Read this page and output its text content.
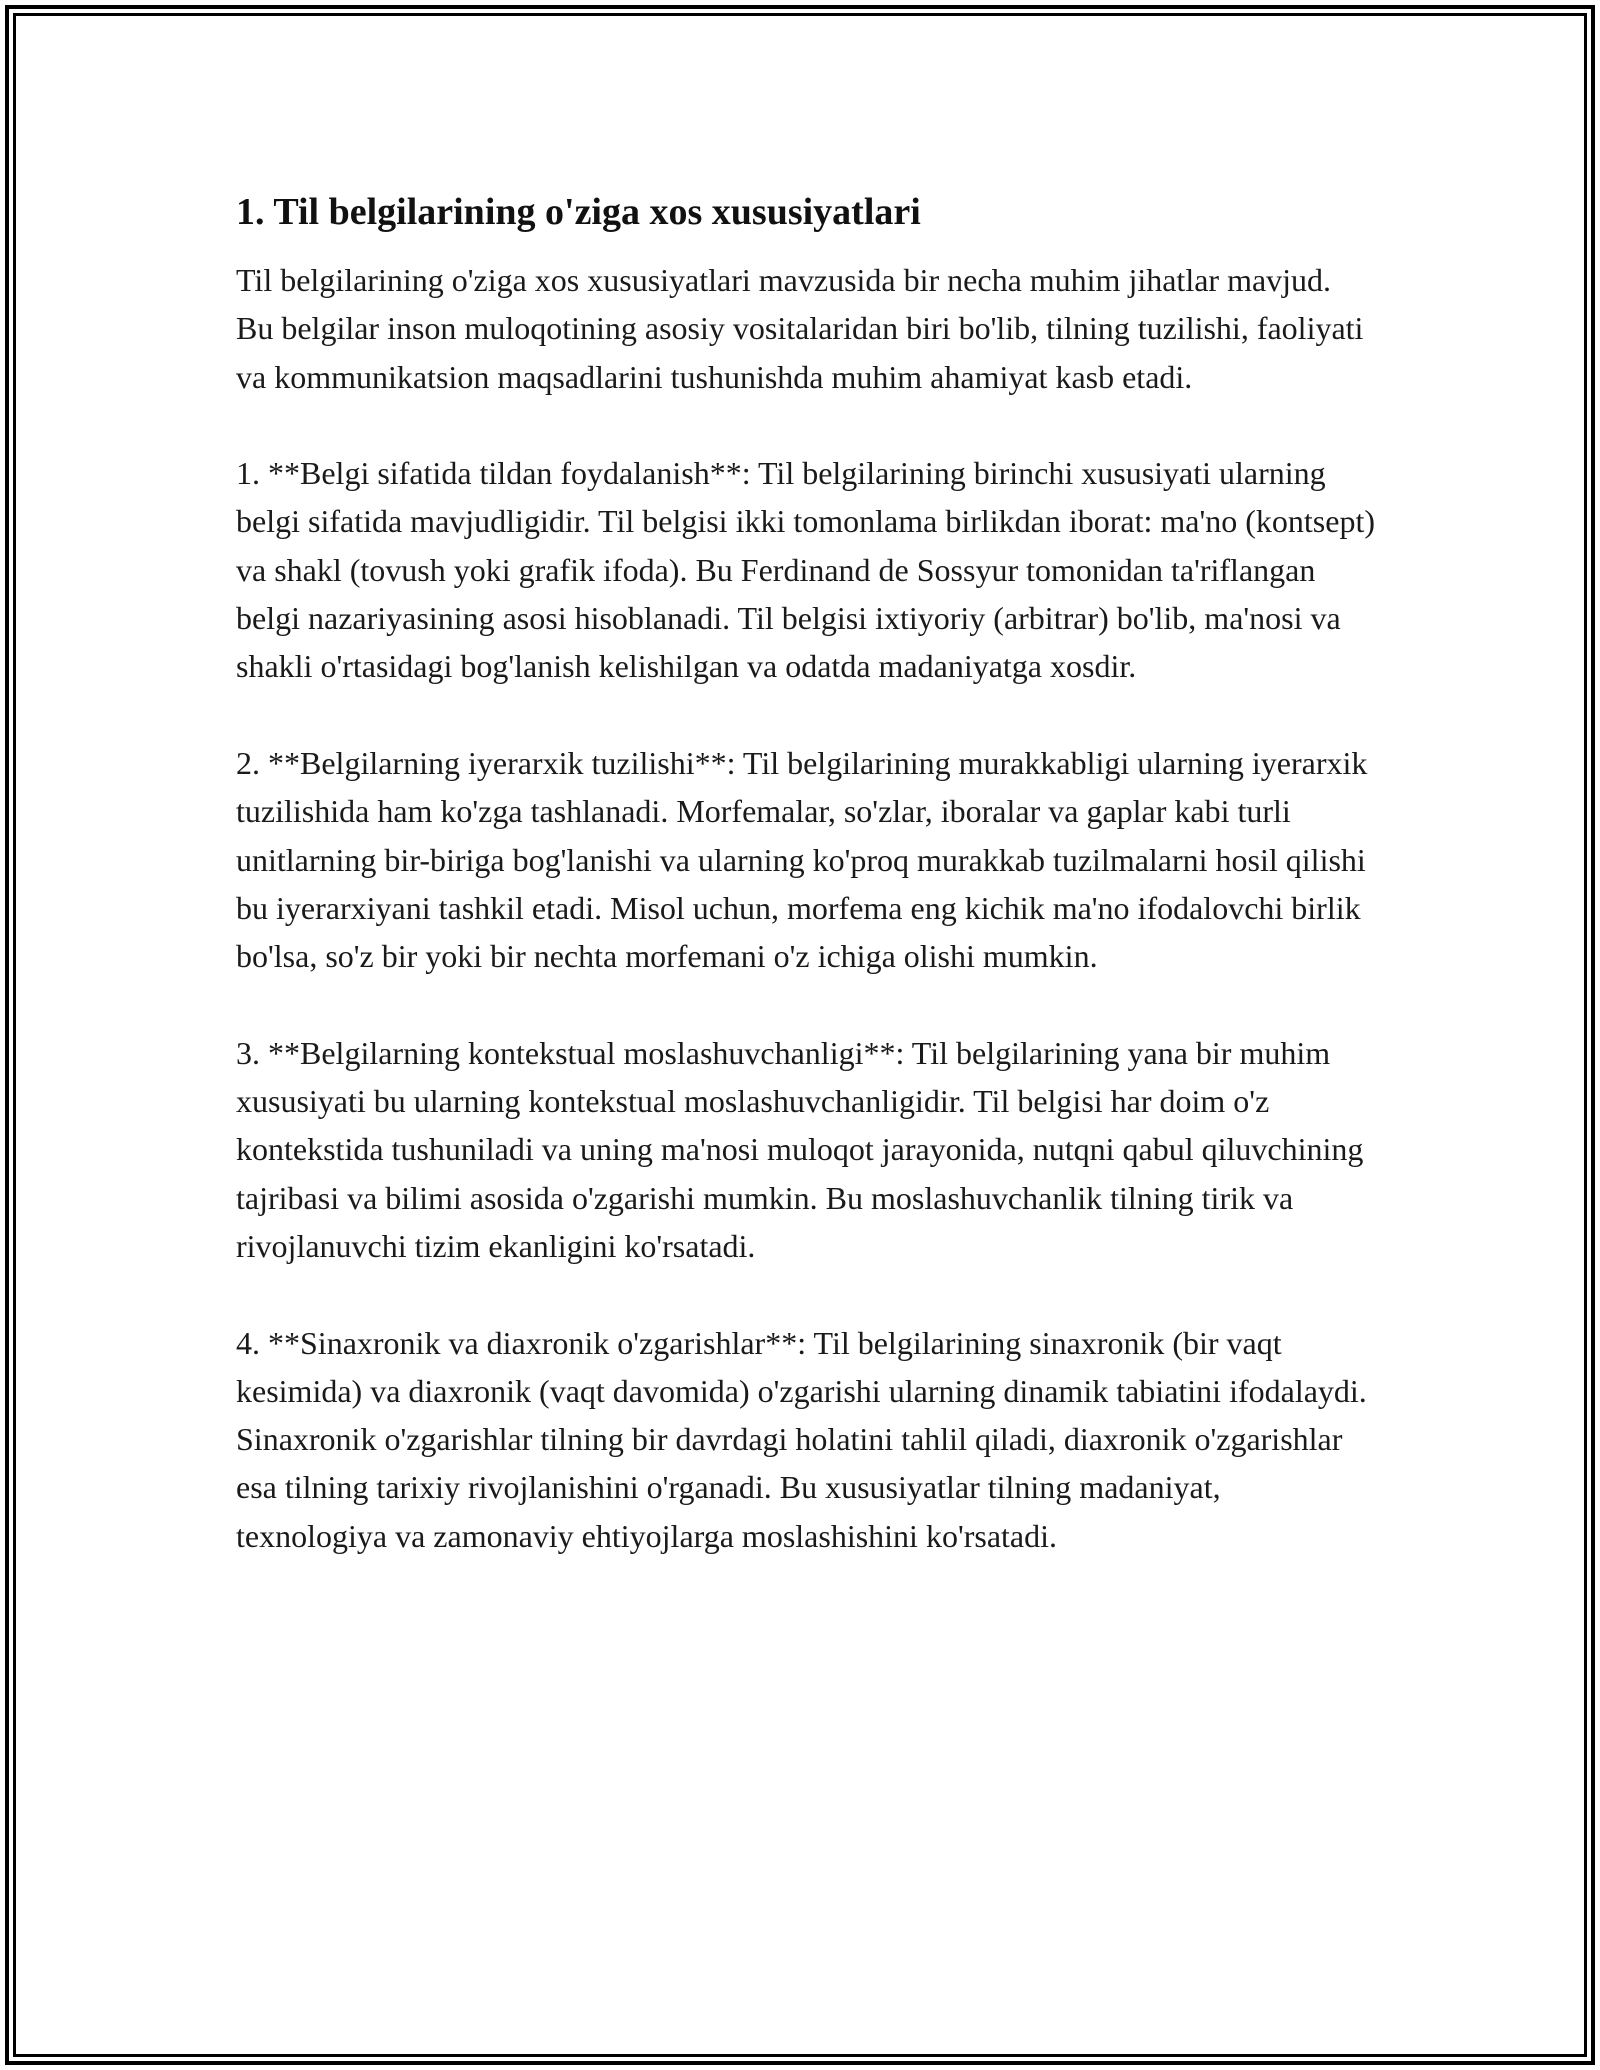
1. Til belgilarining o'ziga xos xususiyatlari

Til belgilarining o'ziga xos xususiyatlari mavzusida bir necha muhim jihatlar mavjud. Bu belgilar inson muloqotining asosiy vositalaridan biri bo'lib, tilning tuzilishi, faoliyati va kommunikatsion maqsadlarini tushunishda muhim ahamiyat kasb etadi.

1. **Belgi sifatida tildan foydalanish**: Til belgilarining birinchi xususiyati ularning belgi sifatida mavjudligidir. Til belgisi ikki tomonlama birlikdan iborat: ma'no (kontsept) va shakl (tovush yoki grafik ifoda). Bu Ferdinand de Sossyur tomonidan ta'riflangan belgi nazariyasining asosi hisoblanadi. Til belgisi ixtiyoriy (arbitrar) bo'lib, ma'nosi va shakli o'rtasidagi bog'lanish kelishilgan va odatda madaniyatga xosdir.

2. **Belgilarning iyerarxik tuzilishi**: Til belgilarining murakkabligi ularning iyerarxik tuzilishida ham ko'zga tashlanadi. Morfemalar, so'zlar, iboralar va gaplar kabi turli unitlarning bir-biriga bog'lanishi va ularning ko'proq murakkab tuzilmalarni hosil qilishi bu iyerarxiyani tashkil etadi. Misol uchun, morfema eng kichik ma'no ifodalovchi birlik bo'lsa, so'z bir yoki bir nechta morfemani o'z ichiga olishi mumkin.

3. **Belgilarning kontekstual moslashuvchanligi**: Til belgilarining yana bir muhim xususiyati bu ularning kontekstual moslashuvchanligidir. Til belgisi har doim o'z kontekstida tushuniladi va uning ma'nosi muloqot jarayonida, nutqni qabul qiluvchining tajribasi va bilimi asosida o'zgarishi mumkin. Bu moslashuvchanlik tilning tirik va rivojlanuvchi tizim ekanligini ko'rsatadi.

4. **Sinaxronik va diaxronik o'zgarishlar**: Til belgilarining sinaxronik (bir vaqt kesimida) va diaxronik (vaqt davomida) o'zgarishi ularning dinamik tabiatini ifodalaydi. Sinaxronik o'zgarishlar tilning bir davrdagi holatini tahlil qiladi, diaxronik o'zgarishlar esa tilning tarixiy rivojlanishini o'rganadi. Bu xususiyatlar tilning madaniyat, texnologiya va zamonaviy ehtiyojlarga moslashishini ko'rsatadi.
